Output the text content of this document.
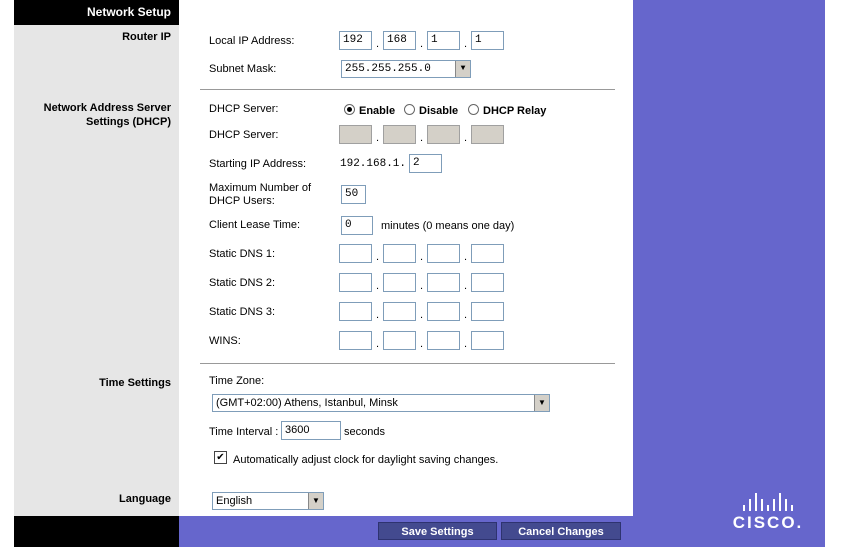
Network Setup
Router IP
Network Address Server Settings (DHCP)
Time Settings
Language
Local IP Address:	192	. 168	. 1	. 1
Subnet Mask:	255.255.255.0	▼
DHCP Server:	Enable	Disable	DHCP Relay
DHCP Server:	.	.	.
Starting IP Address:	192.168.1. 2
Maximum Number of
DHCP Users:
50
Client Lease Time:	0	minutes (0 means one day)
Static DNS 1:	.	.	.
Static DNS 2:	.	.	.
Static DNS 3:	.	.	.
WINS:	.	.	.
Time Zone:
(GMT+02:00) Athens, Istanbul, Minsk	▼
Time Interval : 3600	seconds
✔ Automatically adjust clock for daylight saving changes.
English	▼
Save Settings	Cancel Changes	CISCO.
